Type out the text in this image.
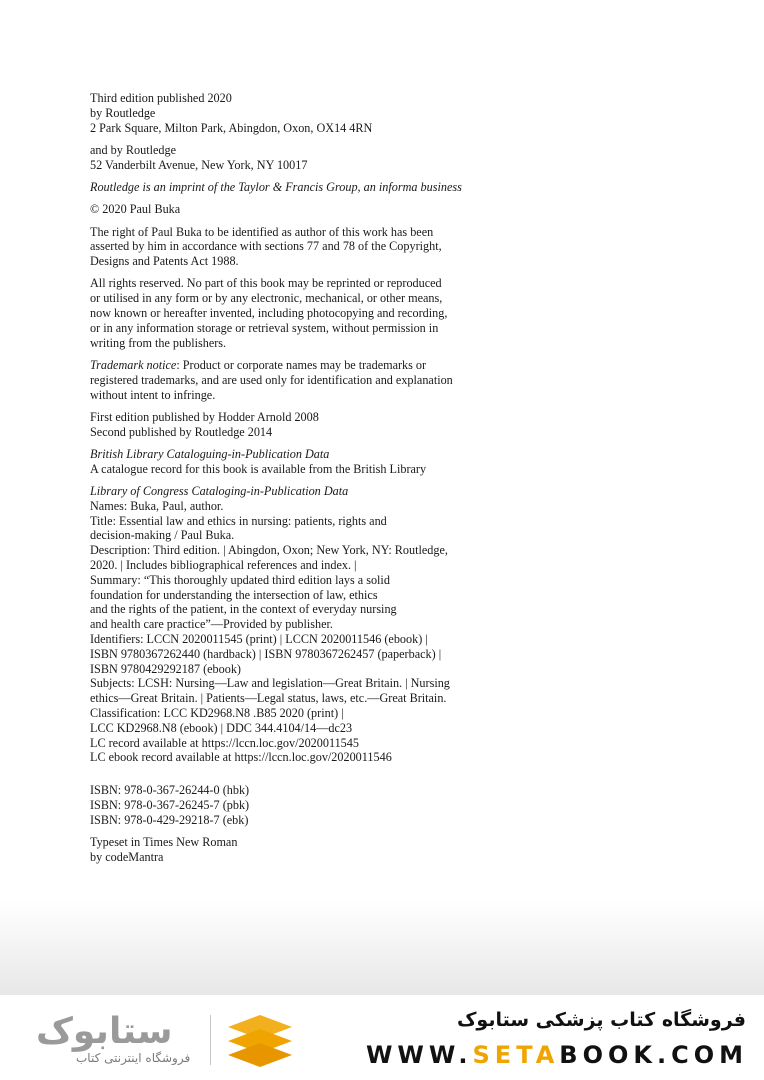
Third edition published 2020
by Routledge
2 Park Square, Milton Park, Abingdon, Oxon, OX14 4RN

and by Routledge
52 Vanderbilt Avenue, New York, NY 10017

Routledge is an imprint of the Taylor & Francis Group, an informa business

© 2020 Paul Buka

The right of Paul Buka to be identified as author of this work has been
asserted by him in accordance with sections 77 and 78 of the Copyright,
Designs and Patents Act 1988.

All rights reserved. No part of this book may be reprinted or reproduced
or utilised in any form or by any electronic, mechanical, or other means,
now known or hereafter invented, including photocopying and recording,
or in any information storage or retrieval system, without permission in
writing from the publishers.

Trademark notice: Product or corporate names may be trademarks or
registered trademarks, and are used only for identification and explanation
without intent to infringe.

First edition published by Hodder Arnold 2008
Second published by Routledge 2014

British Library Cataloguing-in-Publication Data
A catalogue record for this book is available from the British Library

Library of Congress Cataloging-in-Publication Data
Names: Buka, Paul, author.
Title: Essential law and ethics in nursing: patients, rights and
decision-making / Paul Buka.
Description: Third edition. | Abingdon, Oxon; New York, NY: Routledge,
2020. | Includes bibliographical references and index. |
Summary: “This thoroughly updated third edition lays a solid
foundation for understanding the intersection of law, ethics
and the rights of the patient, in the context of everyday nursing
and health care practice”—Provided by publisher.
Identifiers: LCCN 2020011545 (print) | LCCN 2020011546 (ebook) |
ISBN 9780367262440 (hardback) | ISBN 9780367262457 (paperback) |
ISBN 9780429292187 (ebook)
Subjects: LCSH: Nursing—Law and legislation—Great Britain. | Nursing
ethics—Great Britain. | Patients—Legal status, laws, etc.—Great Britain.
Classification: LCC KD2968.N8 .B85 2020 (print) |
LCC KD2968.N8 (ebook) | DDC 344.4104/14—dc23
LC record available at https://lccn.loc.gov/2020011545
LC ebook record available at https://lccn.loc.gov/2020011546

ISBN: 978-0-367-26244-0 (hbk)
ISBN: 978-0-367-26245-7 (pbk)
ISBN: 978-0-429-29218-7 (ebk)

Typeset in Times New Roman
by codeMantra

ستابوک
فروشگاه اینترنتی کتاب
فروشگاه کتاب پزشکی ستابوک
WWW.SETABOOK.COM
